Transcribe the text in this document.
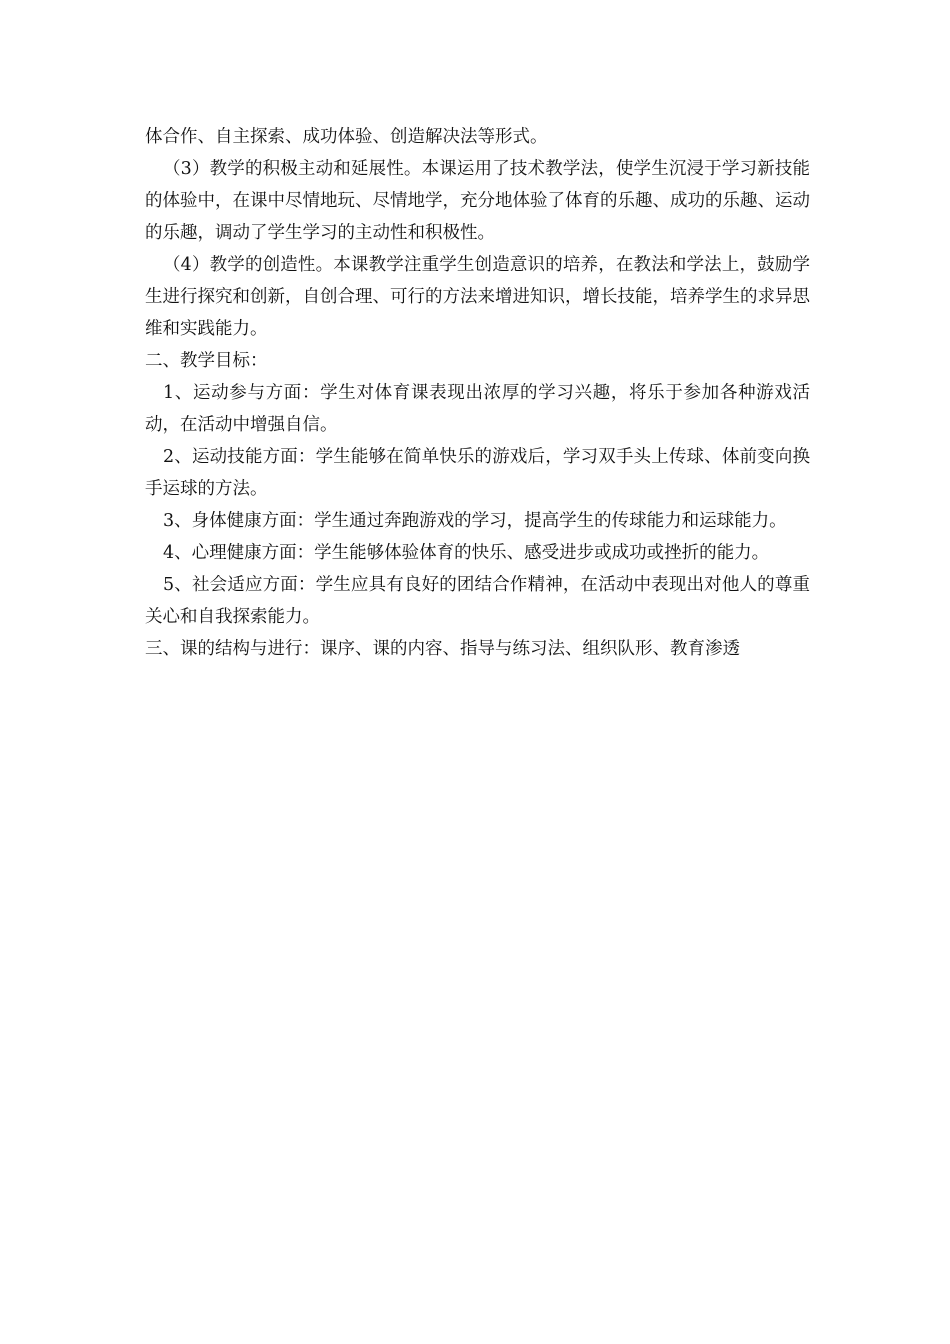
体合作、自主探索、成功体验、创造解决法等形式。

（3）教学的积极主动和延展性。本课运用了技术教学法，使学生沉浸于学习新技能的体验中，在课中尽情地玩、尽情地学，充分地体验了体育的乐趣、成功的乐趣、运动的乐趣，调动了学生学习的主动性和积极性。

（4）教学的创造性。本课教学注重学生创造意识的培养，在教法和学法上，鼓励学生进行探究和创新，自创合理、可行的方法来增进知识，增长技能，培养学生的求异思维和实践能力。

二、教学目标：

1、运动参与方面：学生对体育课表现出浓厚的学习兴趣，将乐于参加各种游戏活动，在活动中增强自信。

2、运动技能方面：学生能够在简单快乐的游戏后，学习双手头上传球、体前变向换手运球的方法。

3、身体健康方面：学生通过奔跑游戏的学习，提高学生的传球能力和运球能力。

4、心理健康方面：学生能够体验体育的快乐、感受进步或成功或挫折的能力。

5、社会适应方面：学生应具有良好的团结合作精神，在活动中表现出对他人的尊重关心和自我探索能力。

三、课的结构与进行：课序、课的内容、指导与练习法、组织队形、教育渗透
